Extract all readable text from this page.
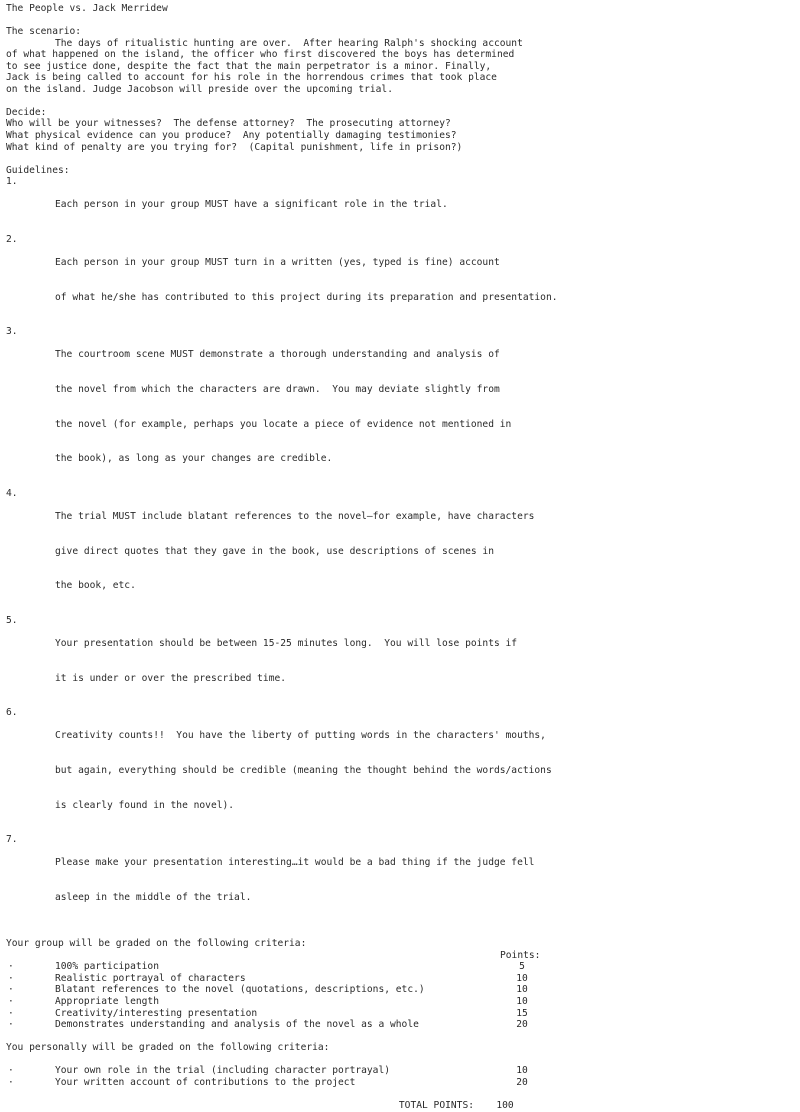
The People vs. Jack Merridew
The scenario:
The days of ritualistic hunting are over.  After hearing Ralph's shocking account
of what happened on the island, the officer who first discovered the boys has determined
to see justice done, despite the fact that the main perpetrator is a minor. Finally,
Jack is being called to account for his role in the horrendous crimes that took place
on the island. Judge Jacobson will preside over the upcoming trial.
Decide:
Who will be your witnesses?  The defense attorney?  The prosecuting attorney?
What physical evidence can you produce?  Any potentially damaging testimonies?
What kind of penalty are you trying for?  (Capital punishment, life in prison?)
Guidelines:
1.

Each person in your group MUST have a significant role in the trial.

2.

Each person in your group MUST turn in a written (yes, typed is fine) account

of what he/she has contributed to this project during its preparation and presentation.

3.

The courtroom scene MUST demonstrate a thorough understanding and analysis of

the novel from which the characters are drawn.  You may deviate slightly from

the novel (for example, perhaps you locate a piece of evidence not mentioned in

the book), as long as your changes are credible.

4.

The trial MUST include blatant references to the novel—for example, have characters

give direct quotes that they gave in the book, use descriptions of scenes in

the book, etc.

5.

Your presentation should be between 15-25 minutes long.  You will lose points if

it is under or over the prescribed time.

6.

Creativity counts!!  You have the liberty of putting words in the characters' mouths,

but again, everything should be credible (meaning the thought behind the words/actions

is clearly found in the novel).

7.

Please make your presentation interesting…it would be a bad thing if the judge fell

asleep in the middle of the trial.

Your group will be graded on the following criteria:
Points:
·	100% participation	5
·	Realistic portrayal of characters	10
·	Blatant references to the novel (quotations, descriptions, etc.)	10
·	Appropriate length	10
·	Creativity/interesting presentation	15
·	Demonstrates understanding and analysis of the novel as a whole	20
You personally will be graded on the following criteria:
·	Your own role in the trial (including character portrayal)	10
·	Your written account of contributions to the project	20
TOTAL POINTS:	100
